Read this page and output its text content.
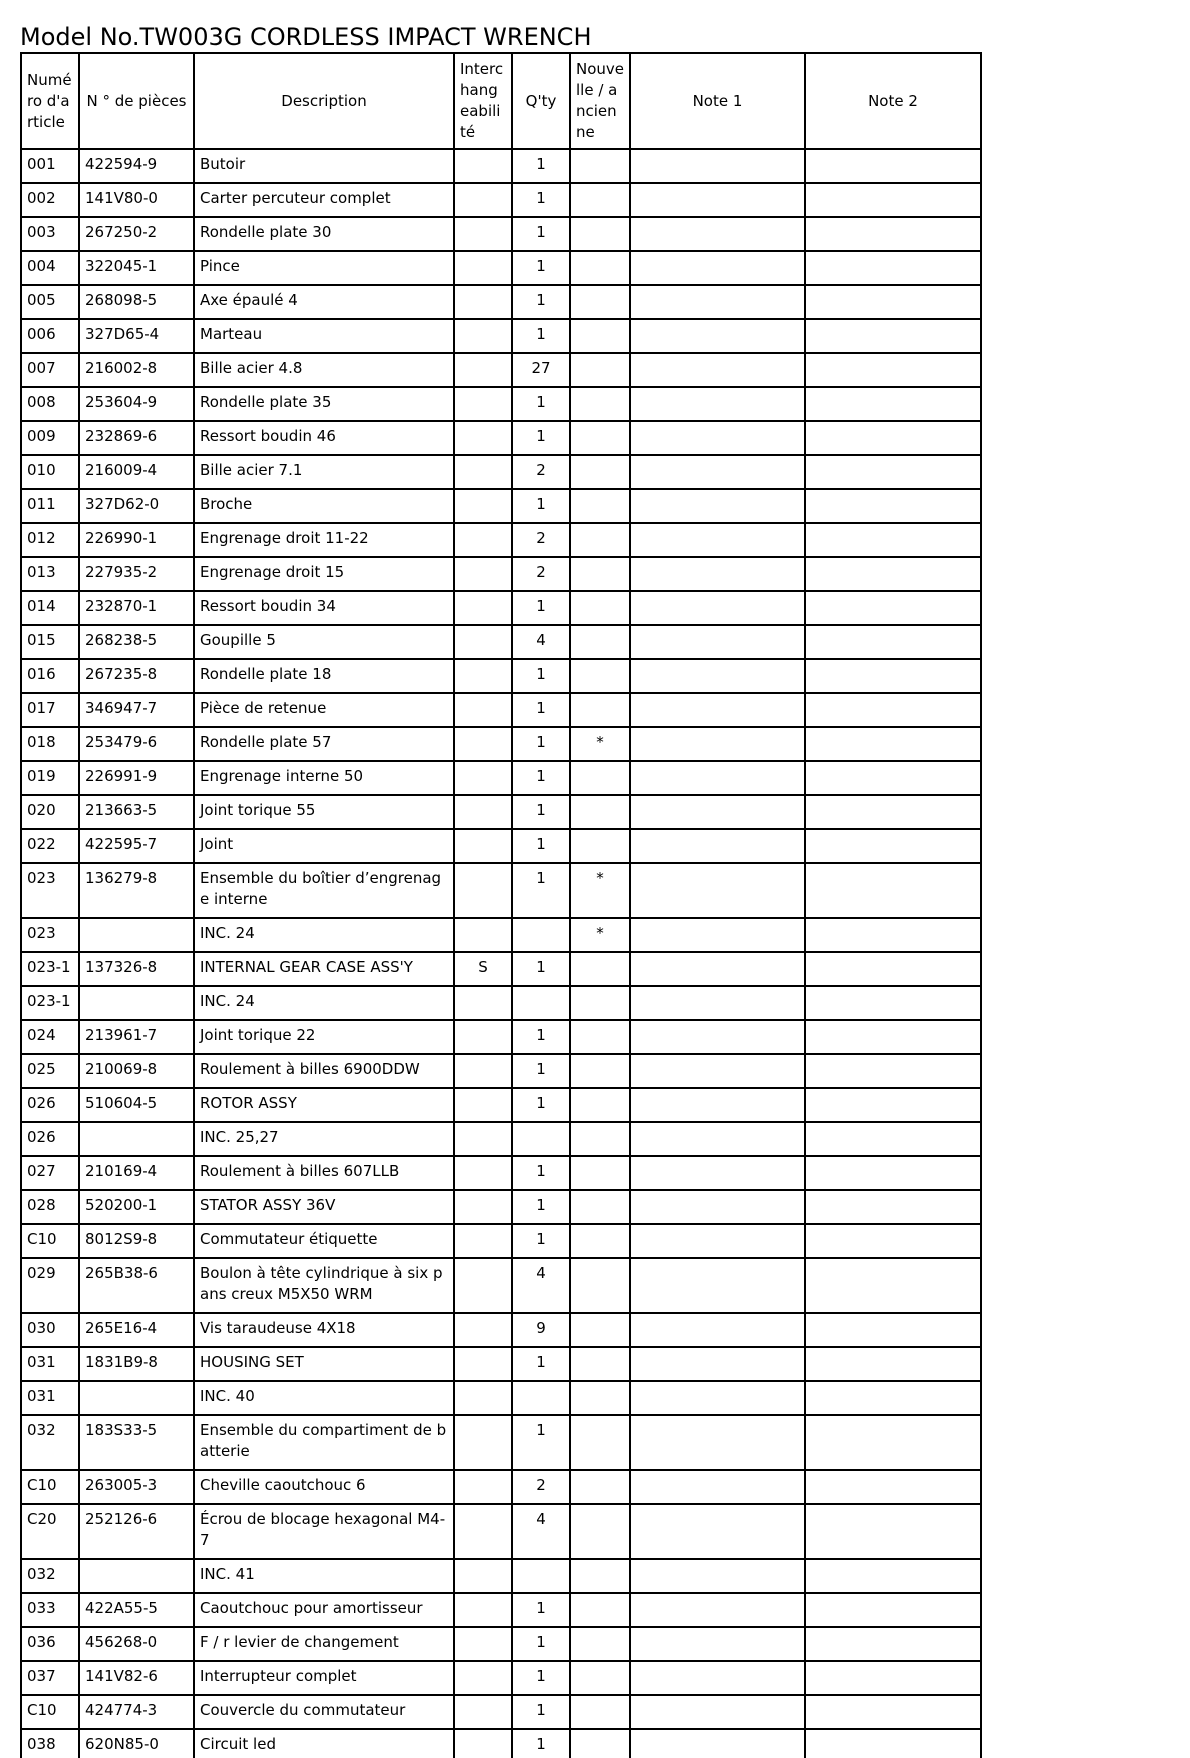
Model No.TW003G CORDLESS IMPACT WRENCH
Numéro d'article	N ° de pièces	Description	Interchangeabilité	Q'ty	Nouvelle / ancienne	Note 1	Note 2
001	422594-9	Butoir		1			
002	141V80-0	Carter percuteur complet		1			
003	267250-2	Rondelle plate 30		1			
004	322045-1	Pince		1			
005	268098-5	Axe épaulé 4		1			
006	327D65-4	Marteau		1			
007	216002-8	Bille acier 4.8		27			
008	253604-9	Rondelle plate 35		1			
009	232869-6	Ressort boudin 46		1			
010	216009-4	Bille acier 7.1		2			
011	327D62-0	Broche		1			
012	226990-1	Engrenage droit 11-22		2			
013	227935-2	Engrenage droit 15		2			
014	232870-1	Ressort boudin 34		1			
015	268238-5	Goupille 5		4			
016	267235-8	Rondelle plate 18		1			
017	346947-7	Pièce de retenue		1			
018	253479-6	Rondelle plate 57		1	*		
019	226991-9	Engrenage interne 50		1			
020	213663-5	Joint torique 55		1			
022	422595-7	Joint		1			
023	136279-8	Ensemble du boîtier d’engrenage interne		1	*		
023		INC. 24			*		
023-1	137326-8	INTERNAL GEAR CASE ASS'Y	S	1			
023-1		INC. 24					
024	213961-7	Joint torique 22		1			
025	210069-8	Roulement à billes 6900DDW		1			
026	510604-5	ROTOR ASSY		1			
026		INC. 25,27					
027	210169-4	Roulement à billes 607LLB		1			
028	520200-1	STATOR ASSY 36V		1			
C10	8012S9-8	Commutateur étiquette		1			
029	265B38-6	Boulon à tête cylindrique à six pans creux M5X50 WRM		4			
030	265E16-4	Vis taraudeuse 4X18		9			
031	1831B9-8	HOUSING SET		1			
031		INC. 40					
032	183S33-5	Ensemble du compartiment de batterie		1			
C10	263005-3	Cheville caoutchouc 6		2			
C20	252126-6	Écrou de blocage hexagonal M4-7		4			
032		INC. 41					
033	422A55-5	Caoutchouc pour amortisseur		1			
036	456268-0	F / r levier de changement		1			
037	141V82-6	Interrupteur complet		1			
C10	424774-3	Couvercle du commutateur		1			
038	620N85-0	Circuit led		1			
